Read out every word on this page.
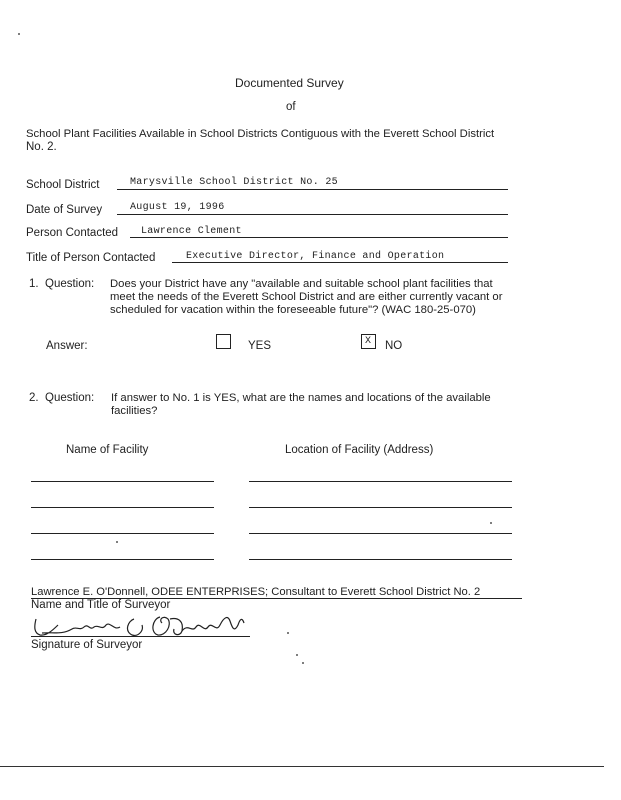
Documented Survey
of
School Plant Facilities Available in School Districts Contiguous with the Everett School District
No. 2.
School District	Marysville School District No. 25
Date of Survey	August 19, 1996
Person Contacted Lawrence Clement
Title of Person Contacted	Executive Director, Finance and Operation
1. Question: Does your District have any "available and suitable school plant facilities that
meet the needs of the Everett School District and are either currently vacant or
scheduled for vacation within the foreseeable future"? (WAC 180-25-070)
Answer:	YES	X NO
2. Question: If answer to No. 1 is YES, what are the names and locations of the available
facilities?
Name of Facility	Location of Facility (Address)
Lawrence E. O'Donnell, ODEE ENTERPRISES; Consultant to Everett School District No. 2
Name and Title of Surveyor
Signature of Surveyor
